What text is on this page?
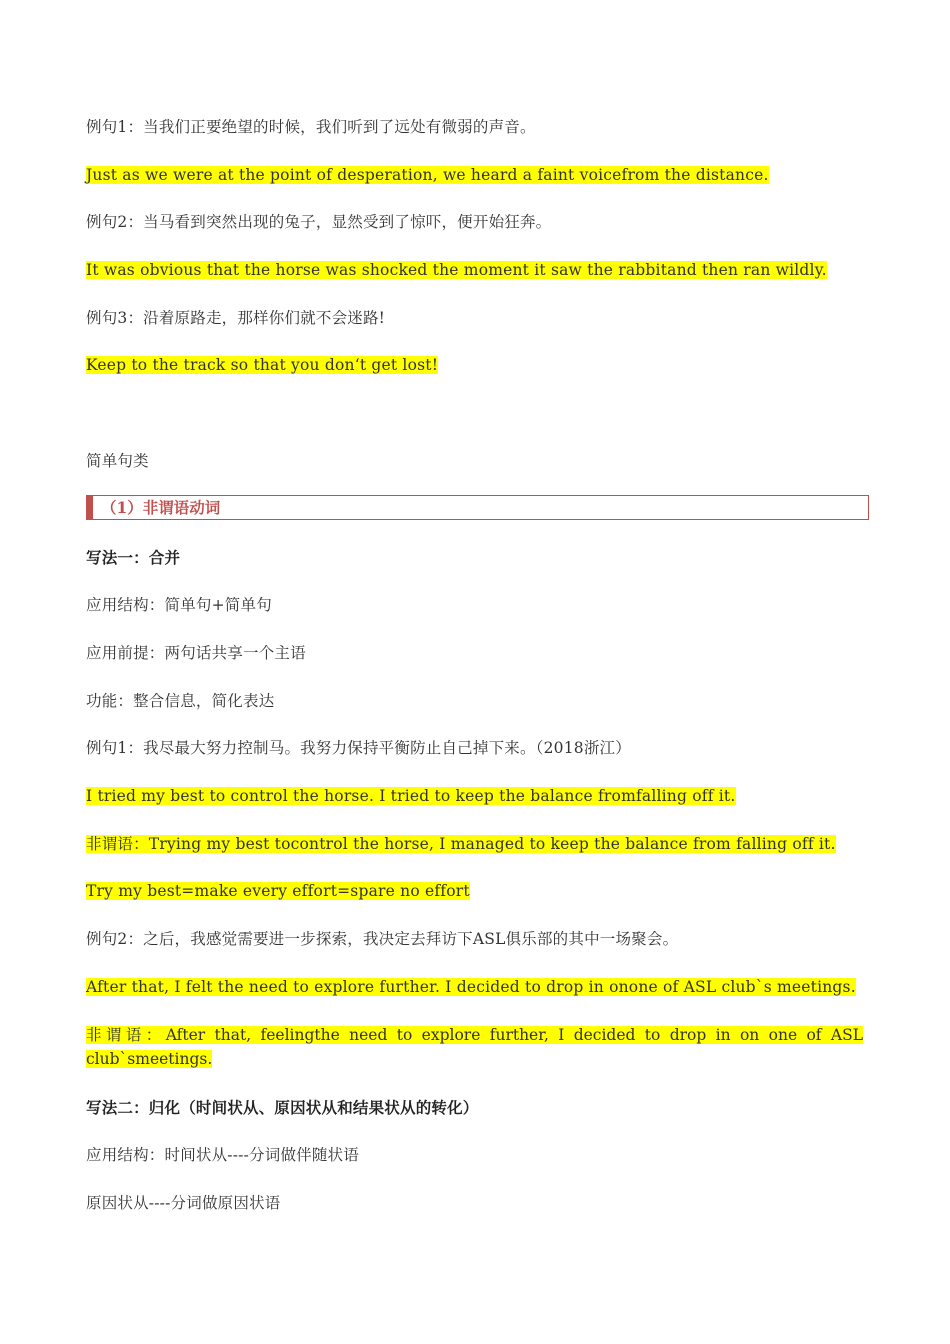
例句1：当我们正要绝望的时候，我们听到了远处有微弱的声音。
Just as we were at the point of desperation, we heard a faint voicefrom the distance.
例句2：当马看到突然出现的兔子，显然受到了惊吓，便开始狂奔。
It was obvious that the horse was shocked the moment it saw the rabbitand then ran wildly.
例句3：沿着原路走，那样你们就不会迷路!
Keep to the track so that you don‘t get lost!
简单句类
（1）非谓语动词
写法一：合并
应用结构：简单句+简单句
应用前提：两句话共享一个主语
功能：整合信息，简化表达
例句1：我尽最大努力控制马。我努力保持平衡防止自己掉下来。（2018浙江）
I tried my best to control the horse. I tried to keep the balance fromfalling off it.
非谓语：Trying my best tocontrol the horse, I managed to keep the balance from falling off it.
Try my best=make every effort=spare no effort
例句2：之后，我感觉需要进一步探索，我决定去拜访下ASL俱乐部的其中一场聚会。
After that, I felt the need to explore further. I decided to drop in onone of ASL club`s meetings.
非谓语：After that, feelingthe need to explore further, I decided to drop in on one of ASL club`smeetings.
写法二：归化（时间状从、原因状从和结果状从的转化）
应用结构：时间状从----分词做伴随状语
原因状从----分词做原因状语
